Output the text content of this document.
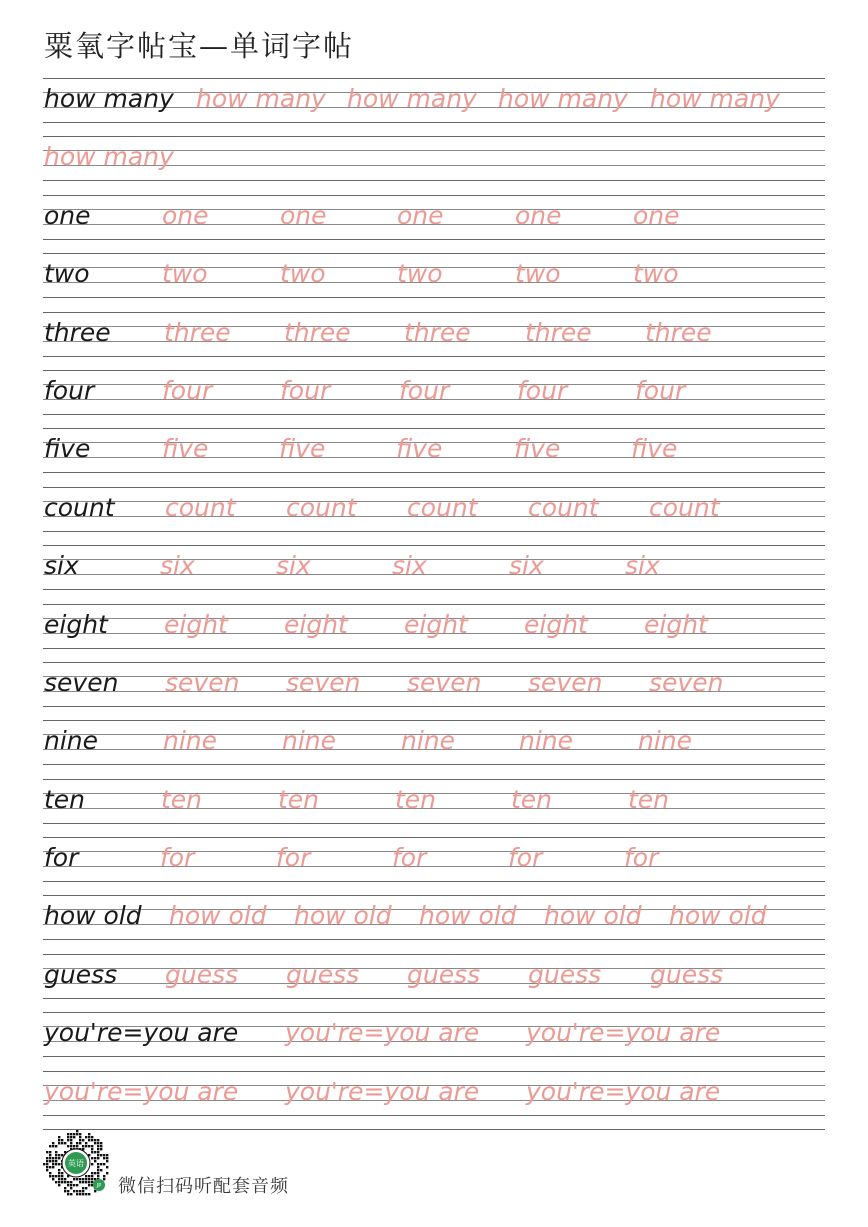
粟氧字帖宝—单词字帖
how many how many how many how many how many
how many
one	one	one	one	one	one
two	two	two	two	two	two
three three three three three three
four	four	four	four	four	four
five	five	five	five	five	five
count count count count count count
six	six	six	six	six	six
eight eight eight eight eight eight
seven seven seven seven seven seven
nine	nine	nine	nine	nine	nine
ten	ten	ten	ten	ten	ten
for	for	for	for	for	for
how old how old how old how old how old how old
guess guess guess guess guess guess
you're=you are you're=you are you're=you are
you're=you are you're=you are you're=you are
英语
JP 微信扫码听配套音频
